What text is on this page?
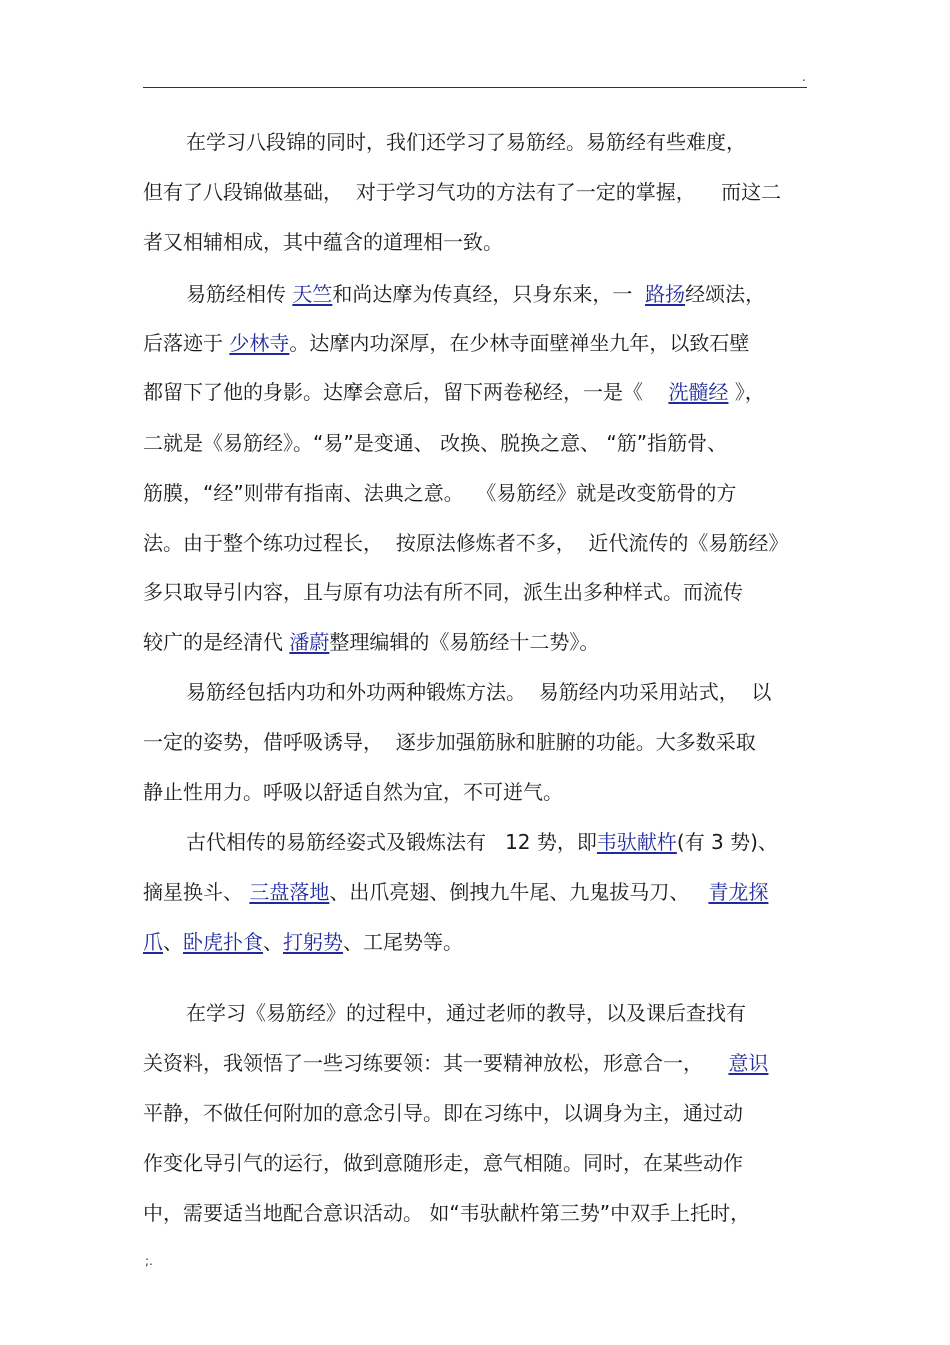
.
在学习八段锦的同时，我们还学习了易筋经。易筋经有些难度，
但有了八段锦做基础，  对于学习气功的方法有了一定的掌握，    而这二
者又相辅相成，其中蕴含的道理相一致。
易筋经相传 天竺和尚达摩为传真经，只身东来，一  路扬经颂法，
后落迹于 少林寺。达摩内功深厚，在少林寺面壁禅坐九年，以致石壁
都留下了他的身影。达摩会意后，留下两卷秘经，一是《    洗髓经 》，
二就是《易筋经》。“易”是变通、 改换、脱换之意、 “筋”指筋骨、
筋膜，“经”则带有指南、法典之意。  《易筋经》就是改变筋骨的方
法。由于整个练功过程长，  按原法修炼者不多，  近代流传的《易筋经》
多只取导引内容，且与原有功法有所不同，派生出多种样式。而流传
较广的是经清代 潘蔚整理编辑的《易筋经十二势》。
易筋经包括内功和外功两种锻炼方法。  易筋经内功采用站式，  以
一定的姿势，借呼吸诱导，  逐步加强筋脉和脏腑的功能。大多数采取
静止性用力。呼吸以舒适自然为宜，不可迸气。
古代相传的易筋经姿式及锻炼法有   12 势，即韦驮献杵(有 3 势)、
摘星换斗、 三盘落地、出爪亮翅、倒拽九牛尾、九鬼拔马刀、   青龙探
爪、卧虎扑食、打躬势、工尾势等。
在学习《易筋经》的过程中，通过老师的教导，以及课后查找有
关资料，我领悟了一些习练要领：其一要精神放松，形意合一，    意识
平静，不做任何附加的意念引导。即在习练中，以调身为主，通过动
作变化导引气的运行，做到意随形走，意气相随。同时，在某些动作
中，需要适当地配合意识活动。 如“韦驮献杵第三势”中双手上托时，
;.
